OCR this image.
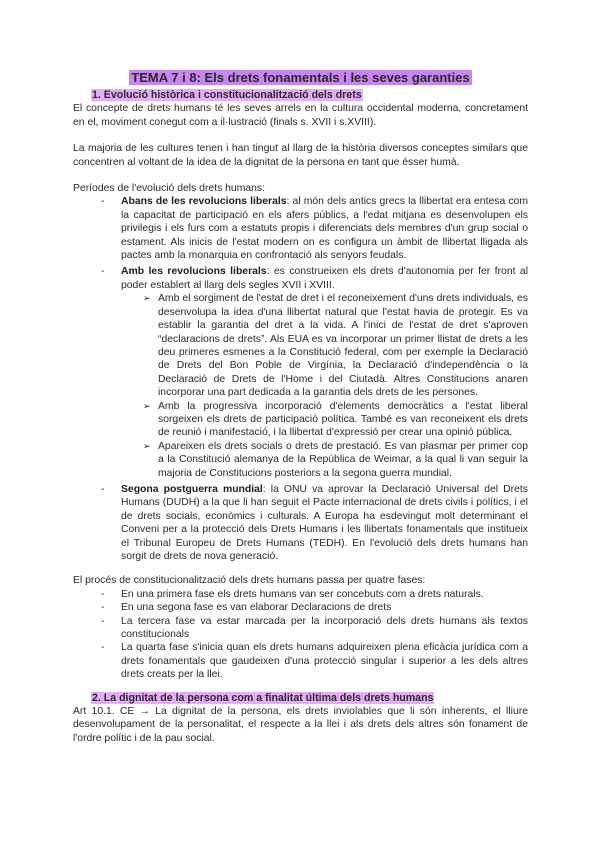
TEMA 7 i 8: Els drets fonamentals i les seves garanties
1. Evolució històrica i constitucionalització dels drets

El concepte de drets humans té les seves arrels en la cultura occidental moderna, concretament en el, moviment conegut com a il·lustració (finals s. XVII i s.XVIII).

La majoria de les cultures tenen i han tingut al llarg de la història diversos conceptes similars que concentren al voltant de la idea de la dignitat de la persona en tant que ésser humà.

Períodes de l'evolució dels drets humans:

- Abans de les revolucions liberals: al món dels antics grecs la llibertat era entesa com la capacitat de participació en els afers públics, a l'edat mitjana es desenvolupen els privilegis i els furs com a estatuts propis i diferenciats dels membres d'un grup social o estament. Als inicis de l'estat modern on es configura un àmbit de llibertat lligada als pactes amb la monarquia en confrontació als senyors feudals.
- Amb les revolucions liberals: es construeixen els drets d'autonomia per fer front al poder establert al llarg dels segles XVII i XVIII.
➢ Amb el sorgiment de l'estat de dret i el reconeixement d'uns drets individuals, es desenvolupa la idea d'una llibertat natural que l'estat havia de protegir. Es va establir la garantia del dret a la vida. A l'inici de l'estat de dret s'aproven “declaracions de drets”. Als EUA es va incorporar un primer llistat de drets a les deu primeres esmenes a la Constitució federal, com per exemple la Declaració de Drets del Bon Poble de Virgínia, la Declaració d'independència o la Declaració de Drets de l'Home i del Ciutadà. Altres Constitucions anaren incorporar una part dedicada a la garantia dels drets de les persones.
➢ Amb la progressiva incorporació d'elements democràtics a l'estat liberal sorgeixen els drets de participació política. També es van reconeixent els drets de reunió i manifestació, i la llibertat d'expressió per crear una opinió pública.
➢ Apareixen els drets socials o drets de prestació. Es van plasmar per primer cop a la Constitució alemanya de la República de Weimar, a la qual li van seguir la majoria de Constitucions posteriors a la segona guerra mundial.
- Segona postguerra mundial: la ONU va aprovar la Declaració Universal del Drets Humans (DUDH) a la que li han seguit el Pacte internacional de drets civils i polítics, i el de drets socials, econòmics i culturals. A Europa ha esdevingut molt determinant el Conveni per a la protecció dels Drets Humans i les llibertats fonamentals que institueix el Tribunal Europeu de Drets Humans (TEDH). En l'evolució dels drets humans han sorgit de drets de nova generació.

El procés de constitucionalització dels drets humans passa per quatre fases:

- En una primera fase els drets humans van ser concebuts com a drets naturals.
- En una segona fase es van elaborar Declaracions de drets
- La tercera fase va estar marcada per la incorporació dels drets humans als textos constitucionals
- La quarta fase s'inicia quan els drets humans adquireixen plena eficàcia jurídica com a drets fonamentals que gaudeixen d'una protecció singular i superior a les dels altres drets creats per la llei.
2. La dignitat de la persona com a finalitat última dels drets humans

Art 10.1. CE → La dignitat de la persona, els drets inviolables que li són inherents, el lliure desenvolupament de la personalitat, el respecte a la llei i als drets dels altres són fonament de l'ordre polític i de la pau social.
